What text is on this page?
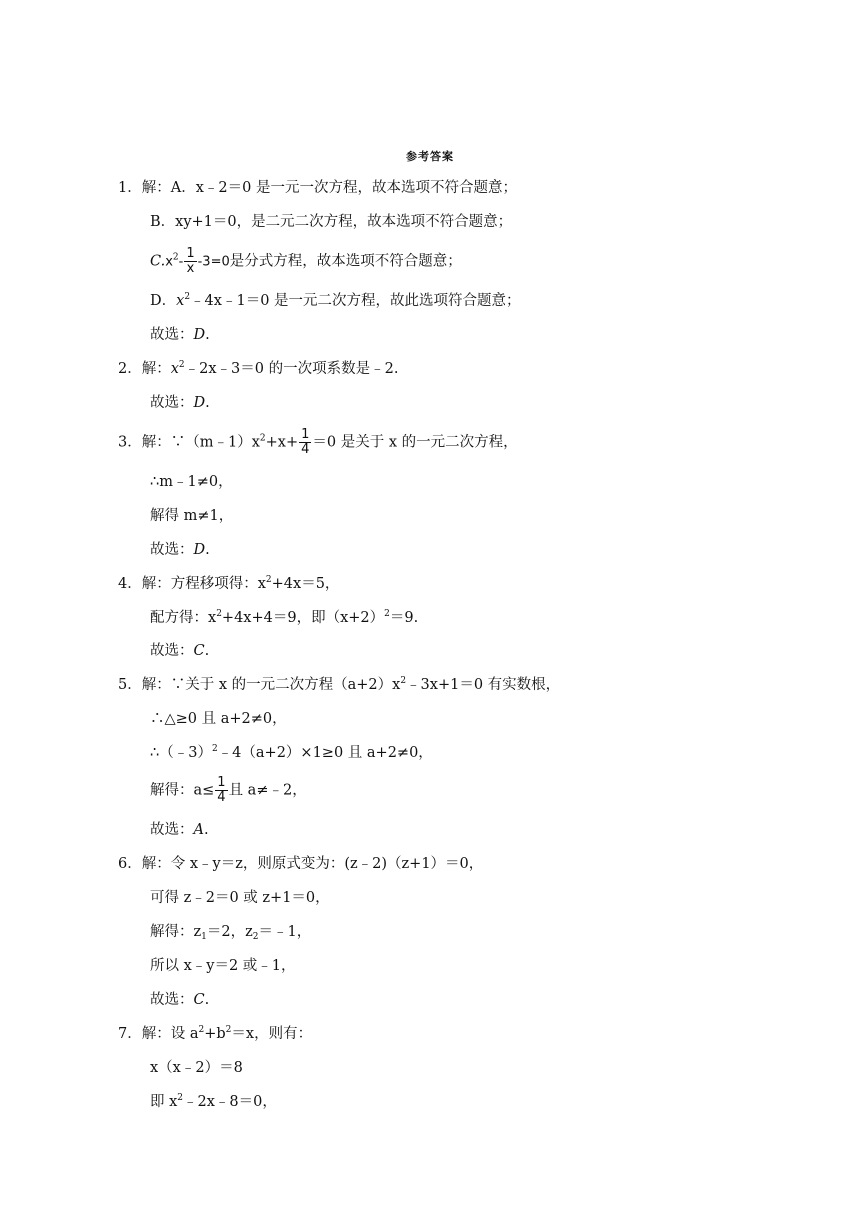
参考答案
1．解：A．x﹣2＝0 是一元一次方程，故本选项不符合题意；
B．xy+1＝0，是二元二次方程，故本选项不符合题意；
$C.x^2- \frac{1}{x} -3=0$是分式方程，故本选项不符合题意；
D．$x^2﹣4x﹣1=0$ 是一元二次方程，故此选项符合题意；
故选：D.
2．解：$x^2﹣2x﹣3=0$ 的一次项系数是﹣2.
故选：D.
3．解：$\because(m﹣1)x^2+x+ \frac{1}{4} =0$ 是关于 x 的一元二次方程，
∴m﹣1≠0，
解得 m≠1，
故选：D.
4．解：方程移项得：$x^2+4x=5$，
配方得：$x^2+4x+4=9$，即$(x+2)^2=9$.
故选：C.
5．解：∵关于 x 的一元二次方程$(a+2)x^2﹣3x+1=0$ 有实数根，
∴△≥0 且 a+2≠0，
∴（﹣3）$^2$﹣4（a+2）×1≥0 且 a+2≠0，
解得：$a\le \frac{1}{4}$ 且 a≠﹣2，
故选：A.
6．解：令 x﹣y＝z，则原式变为：(z﹣2)（z+1）＝0，
可得 z﹣2＝0 或 z+1＝0，
解得：$z_1=2$，$z_2=﹣1$，
所以 x﹣y＝2 或﹣1，
故选：C.
7．解：设 $a^2+b^2=x$，则有：
x（x﹣2）＝8
即 $x^2﹣2x﹣8=0$，
